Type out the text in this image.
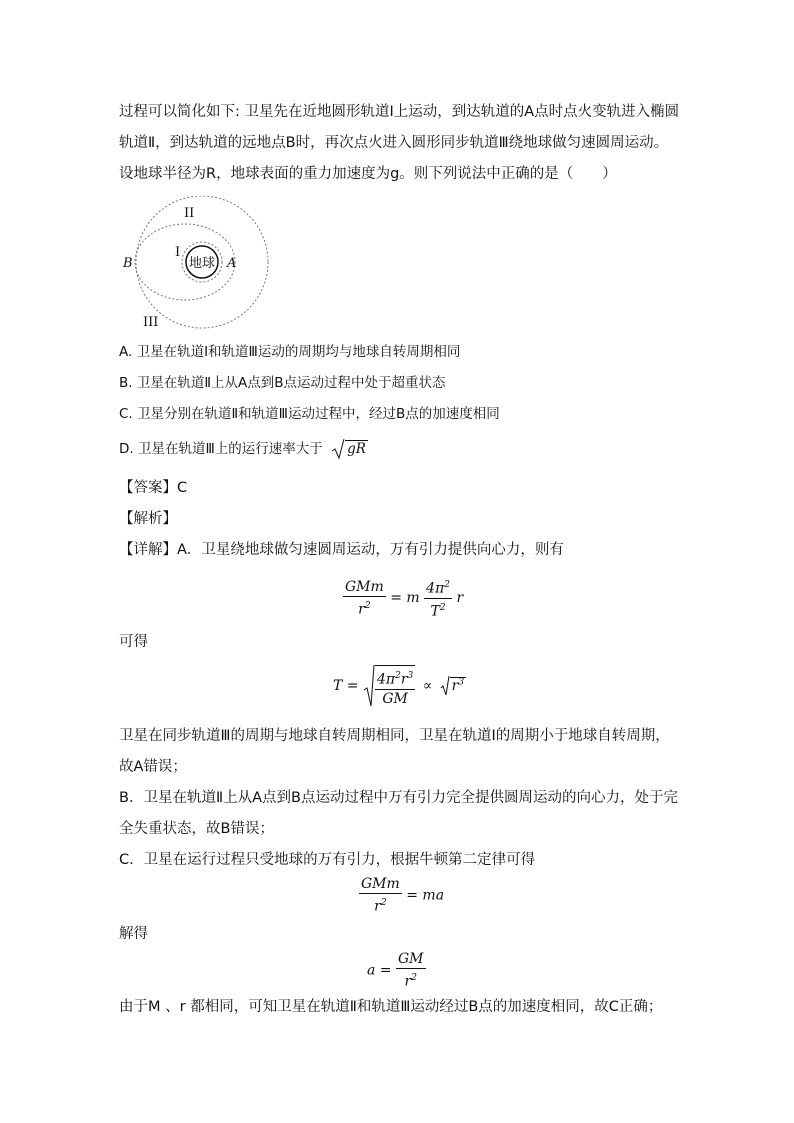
过程可以简化如下: 卫星先在近地圆形轨道Ⅰ上运动，到达轨道的A点时点火变轨进入椭圆
轨道Ⅱ，到达轨道的远地点B时，再次点火进入圆形同步轨道Ⅲ绕地球做匀速圆周运动。
设地球半径为R，地球表面的重力加速度为g。则下列说法中正确的是（　　）
地球
I
II
III
A
B
A. 卫星在轨道Ⅰ和轨道Ⅲ运动的周期均与地球自转周期相同
B. 卫星在轨道Ⅱ上从A点到B点运动过程中处于超重状态
C. 卫星分别在轨道Ⅱ和轨道Ⅲ运动过程中，经过B点的加速度相同
D. 卫星在轨道Ⅲ上的运行速率大于 gR
【答案】C
【解析】
【详解】A．卫星绕地球做匀速圆周运动，万有引力提供向心力，则有
$\frac{\text{GMm}}{r^2} = m \frac{4\pi^2}{T^2}$ r
可得
$T = \frac{4\pi^2r^3}{GM} \propto r^3$
卫星在同步轨道Ⅲ的周期与地球自转周期相同，卫星在轨道Ⅰ的周期小于地球自转周期，
故A错误；
B．卫星在轨道Ⅱ上从A点到B点运动过程中万有引力完全提供圆周运动的向心力，处于完
全失重状态，故B错误；
C．卫星在运行过程只受地球的万有引力，根据牛顿第二定律可得
$\frac{\text{GMm}}{r^2}$ = ma
解得
$a = \frac{GM}{r^2}$
由于M 、r 都相同，可知卫星在轨道Ⅱ和轨道Ⅲ运动经过B点的加速度相同，故C正确；
